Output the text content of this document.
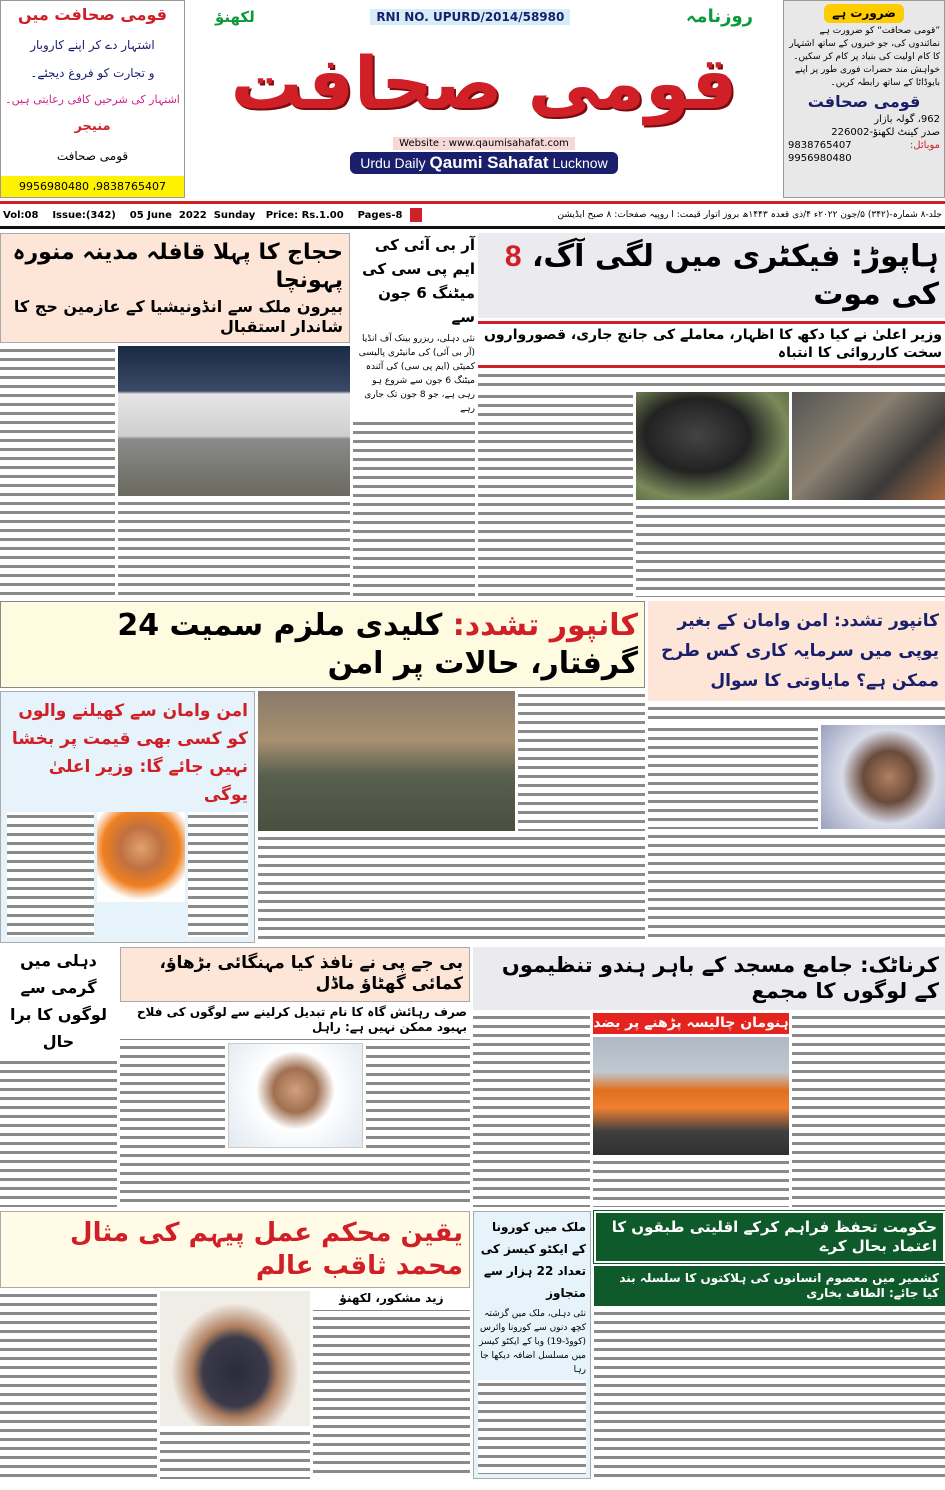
قومی صحافت میں
اشتہار دے کر اپنے کاروبار
و تجارت کو فروغ دیجئے۔
اشتہار کی شرحیں کافی رعایتی ہیں۔
منیجر
قومی صحافت
9956980480 ،9838765407
لکھنؤ	RNI NO. UPURD/2014/58980	روزنامہ
قومی صحافت
Website : www.qaumisahafat.com
Urdu Daily Qaumi Sahafat Lucknow
ضرورت ہے
”قومی صحافت“ کو ضرورت ہے نمائندوں کی، جو خبروں کے ساتھ اشتہار کا کام اولیت کی بنیاد پر کام کر سکیں۔ خواہش مند حضرات فوری طور پر اپنے بایوڈاٹا کے ساتھ رابطہ کریں۔
قومی صحافت
962، گولہ بازار
صدر کینٹ لکھنؤ-226002
9838765407	موبائل:
9956980480
Vol:08    Issue:(342)    05 June  2022  Sunday   Price: Rs.1.00    Pages-8	جلد-۸ شمارہ-(۳۴۲) ۵/جون ۲۰۲۲ء ۴/ذی قعدہ ۱۴۴۳ھ بروز اتوار قیمت: ا روپیہ صفحات: ۸ صبح ایڈیشن
حجاج کا پہلا قافلہ مدینہ منورہ پہونچا
بیرون ملک سے انڈونیشیا کے عازمین حج کا شاندار استقبال
آر بی آئی کی ایم پی سی کی میٹنگ 6 جون سے
نئی دہلی، ریزرو بینک آف انڈیا (آر بی آئی) کی مانیٹری پالیسی کمیٹی (ایم پی سی) کی آئندہ میٹنگ 6 جون سے شروع ہو رہی ہے، جو 8 جون تک جاری رہے
ہاپوڑ: فیکٹری میں لگی آگ، 8 کی موت
وزیر اعلیٰ نے کیا دکھ کا اظہار، معاملے کی جانچ جاری، قصورواروں سخت کارروائی کا انتباہ
کانپور تشدد: کلیدی ملزم سمیت 24 گرفتار، حالات پر امن
امن وامان سے کھیلنے والوں کو کسی بھی قیمت پر بخشا نہیں جائے گا: وزیر اعلیٰ یوگی
کانپور تشدد: امن وامان کے بغیر یوپی میں سرمایہ کاری کس طرح ممکن ہے؟ مایاوتی کا سوال
دہلی میں گرمی سے لوگوں کا برا حال
بی جے پی نے نافذ کیا مہنگائی بڑھاؤ، کمائی گھٹاؤ ماڈل
صرف رہائش گاہ کا نام تبدیل کرلینے سے لوگوں کی فلاح بہبود ممکن نہیں ہے: راہل
کرناٹک: جامع مسجد کے باہر ہندو تنظیموں کے لوگوں کا مجمع
ہنومان چالیسہ پڑھنے پر بضد
یقین محکم عمل پیہم کی مثال محمد ثاقب عالم
زید مشکور، لکھنؤ
ملک میں کورونا کے ایکٹو کیسز کی تعداد 22 ہزار سے متجاوز
نئی دہلی، ملک میں گزشتہ کچھ دنوں سے کورونا وائرس (کووڈ-19) وبا کے ایکٹو کیسز میں مسلسل اضافہ دیکھا جا رہا
حکومت تحفظ فراہم کرکے اقلیتی طبقوں کا اعتماد بحال کرے
کشمیر میں معصوم انسانوں کی ہلاکتوں کا سلسلہ بند کیا جائے: الطاف بخاری
